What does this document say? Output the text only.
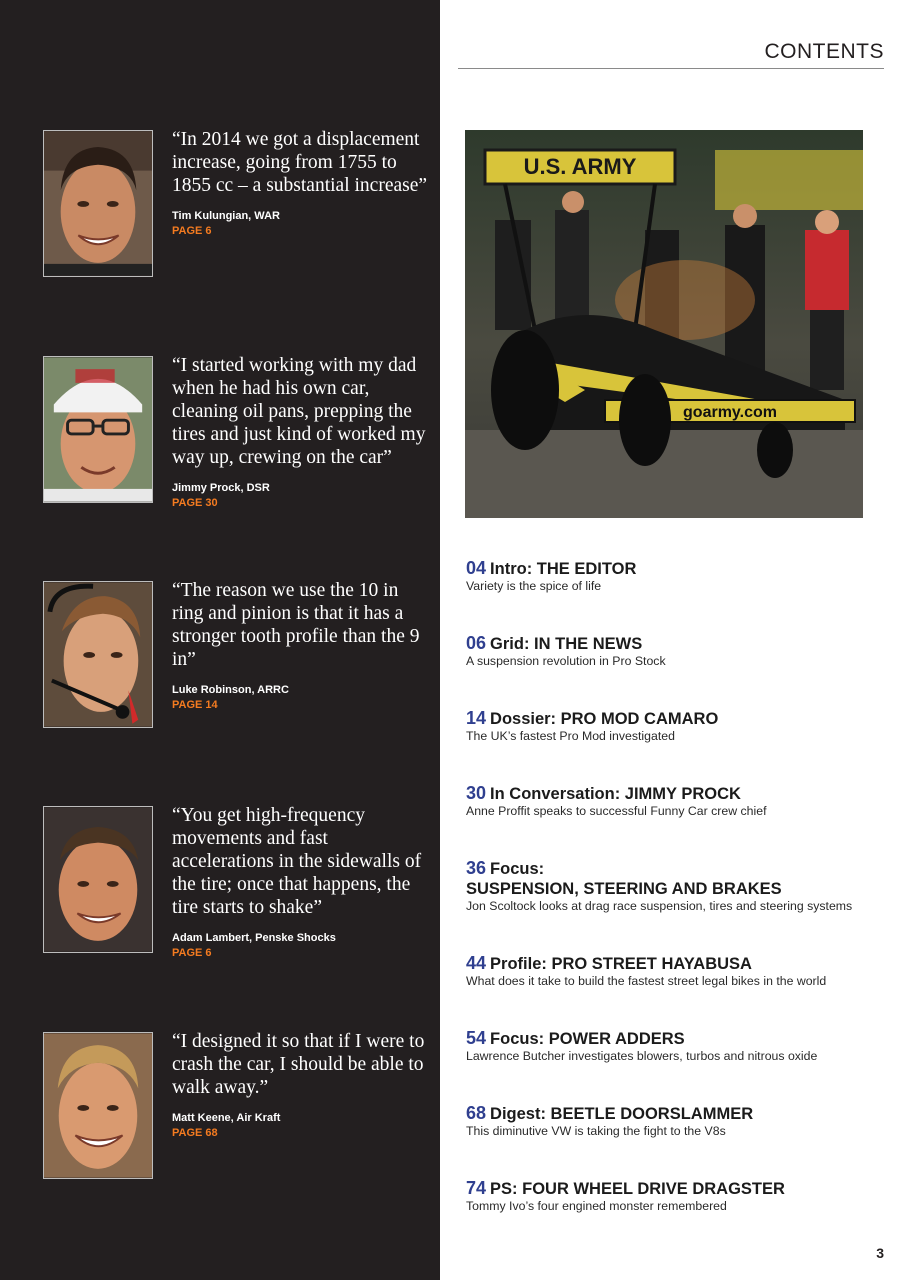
“In 2014 we got a displacement increase, going from 1755 to 1855 cc – a substantial increase”
Tim Kulungian, WAR
PAGE 6

“I started working with my dad when he had his own car, cleaning oil pans, prepping the tires and just kind of worked my way up, crewing on the car”
Jimmy Prock, DSR
PAGE 30

“The reason we use the 10 in ring and pinion is that it has a stronger tooth profile than the 9 in”
Luke Robinson, ARRC
PAGE 14

“You get high-frequency movements and fast accelerations in the sidewalls of the tire; once that happens, the tire starts to shake”
Adam Lambert, Penske Shocks
PAGE 6

“I designed it so that if I were to crash the car, I should be able to walk away.”
Matt Keene, Air Kraft
PAGE 68

CONTENTS
U.S. ARMY
goarmy.com
04 Intro: THE EDITOR
Variety is the spice of life
06 Grid: IN THE NEWS
A suspension revolution in Pro Stock
14 Dossier: PRO MOD CAMARO
The UK’s fastest Pro Mod investigated
30 In Conversation: JIMMY PROCK
Anne Proffit speaks to successful Funny Car crew chief
36 Focus:
SUSPENSION, STEERING AND BRAKES
Jon Scoltock looks at drag race suspension, tires and steering systems
44 Profile: PRO STREET HAYABUSA
What does it take to build the fastest street legal bikes in the world
54 Focus: POWER ADDERS
Lawrence Butcher investigates blowers, turbos and nitrous oxide
68 Digest: BEETLE DOORSLAMMER
This diminutive VW is taking the fight to the V8s
74 PS: FOUR WHEEL DRIVE DRAGSTER
Tommy Ivo’s four engined monster remembered
3
